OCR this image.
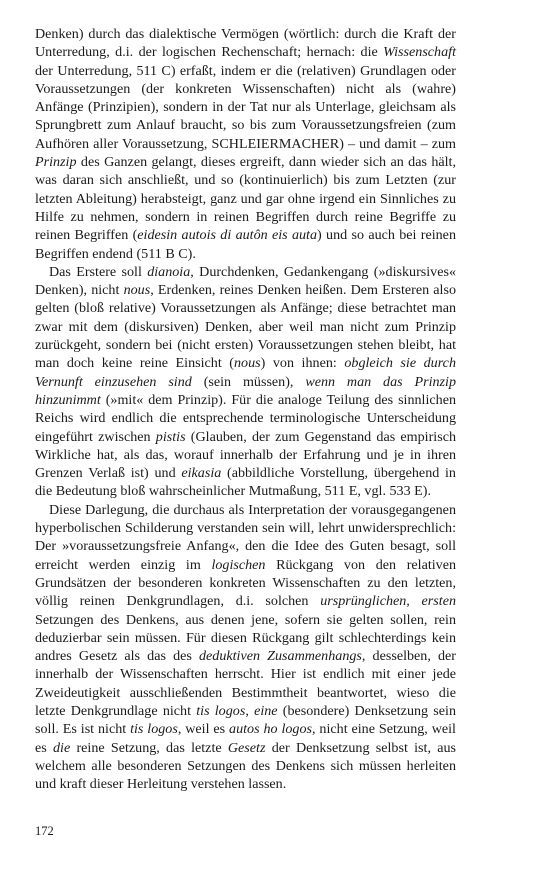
Denken) durch das dialektische Vermögen (wörtlich: durch die Kraft der Unterredung, d.i. der logischen Rechenschaft; hernach: die Wissenschaft der Unterredung, 511 C) erfaßt, indem er die (relativen) Grundlagen oder Voraussetzungen (der konkreten Wissenschaften) nicht als (wahre) Anfänge (Prinzipien), sondern in der Tat nur als Unterlage, gleichsam als Sprungbrett zum Anlauf braucht, so bis zum Voraussetzungsfreien (zum Aufhören aller Voraussetzung, SCHLEIERMACHER) – und damit – zum Prinzip des Ganzen gelangt, dieses ergreift, dann wieder sich an das hält, was daran sich anschließt, und so (kontinuierlich) bis zum Letzten (zur letzten Ableitung) herabsteigt, ganz und gar ohne irgend ein Sinnliches zu Hilfe zu nehmen, sondern in reinen Begriffen durch reine Begriffe zu reinen Begriffen (eidesin autois di autôn eis auta) und so auch bei reinen Begriffen endend (511 B C).

Das Erstere soll dianoia, Durchdenken, Gedankengang (»diskursives« Denken), nicht nous, Erdenken, reines Denken heißen. Dem Ersteren also gelten (bloß relative) Voraussetzungen als Anfänge; diese betrachtet man zwar mit dem (diskursiven) Denken, aber weil man nicht zum Prinzip zurückgeht, sondern bei (nicht ersten) Voraussetzungen stehen bleibt, hat man doch keine reine Einsicht (nous) von ihnen: obgleich sie durch Vernunft einzusehen sind (sein müssen), wenn man das Prinzip hinzunimmt (»mit« dem Prinzip). Für die analoge Teilung des sinnlichen Reichs wird endlich die entsprechende terminologische Unterscheidung eingeführt zwischen pistis (Glauben, der zum Gegenstand das empirisch Wirkliche hat, als das, worauf innerhalb der Erfahrung und je in ihren Grenzen Verlaß ist) und eikasia (abbildliche Vorstellung, übergehend in die Bedeutung bloß wahrscheinlicher Mutmaßung, 511 E, vgl. 533 E).

Diese Darlegung, die durchaus als Interpretation der vorausgegangenen hyperbolischen Schilderung verstanden sein will, lehrt unwidersprechlich: Der »voraussetzungsfreie Anfang«, den die Idee des Guten besagt, soll erreicht werden einzig im logischen Rückgang von den relativen Grundsätzen der besonderen konkreten Wissenschaften zu den letzten, völlig reinen Denkgrundlagen, d.i. solchen ursprünglichen, ersten Setzungen des Denkens, aus denen jene, sofern sie gelten sollen, rein deduzierbar sein müssen. Für diesen Rückgang gilt schlechterdings kein andres Gesetz als das des deduktiven Zusammenhangs, desselben, der innerhalb der Wissenschaften herrscht. Hier ist endlich mit einer jede Zweideutigkeit ausschließenden Bestimmtheit beantwortet, wieso die letzte Denkgrundlage nicht tis logos, eine (besondere) Denksetzung sein soll. Es ist nicht tis logos, weil es autos ho logos, nicht eine Setzung, weil es die reine Setzung, das letzte Gesetz der Denksetzung selbst ist, aus welchem alle besonderen Setzungen des Denkens sich müssen herleiten und kraft dieser Herleitung verstehen lassen.

172
